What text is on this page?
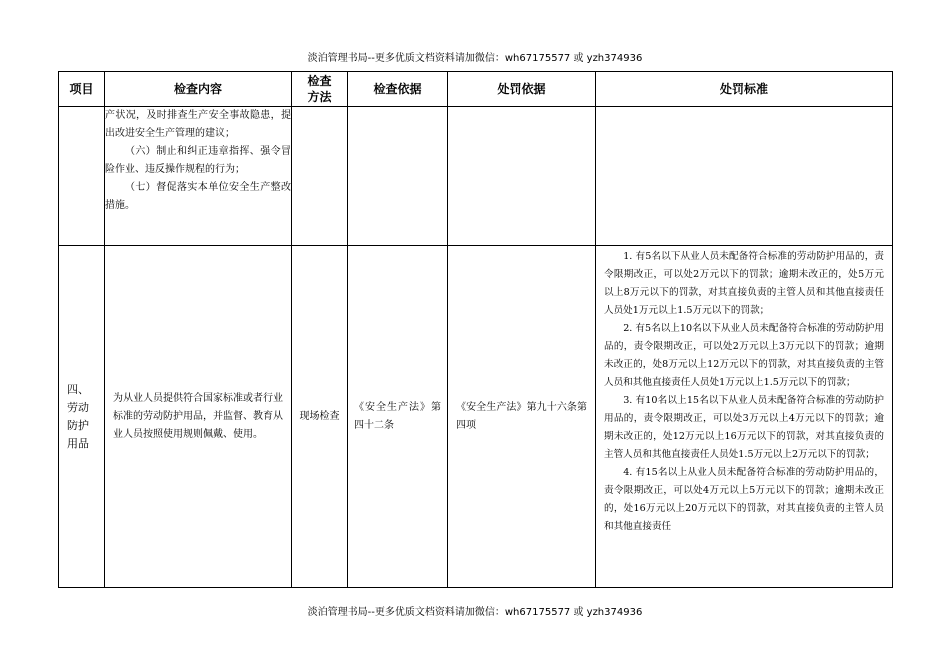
淡泊管理书局--更多优质文档资料请加微信：wh67175577 或 yzh374936
项目	检查内容	检查方法	检查依据	处罚依据	处罚标准

	产状况，及时排查生产安全事故隐患，提出改进安全生产管理的建议；
（六）制止和纠正违章指挥、强令冒险作业、违反操作规程的行为；
（七）督促落实本单位安全生产整改措施。				

四、劳动防护用品	为从业人员提供符合国家标准或者行业标准的劳动防护用品，并监督、教育从业人员按照使用规则佩戴、使用。	现场检查	《安全生产法》第四十二条	《安全生产法》第九十六条第四项	1. 有5名以下从业人员未配备符合标准的劳动防护用品的，责令限期改正，可以处2万元以下的罚款；逾期未改正的，处5万元以上8万元以下的罚款，对其直接负责的主管人员和其他直接责任人员处1万元以上1.5万元以下的罚款；

2. 有5名以上10名以下从业人员未配备符合标准的劳动防护用品的，责令限期改正，可以处2万元以上3万元以下的罚款；逾期未改正的，处8万元以上12万元以下的罚款，对其直接负责的主管人员和其他直接责任人员处1万元以上1.5万元以下的罚款；

3. 有10名以上15名以下从业人员未配备符合标准的劳动防护用品的，责令限期改正，可以处3万元以上4万元以下的罚款；逾期未改正的，处12万元以上16万元以下的罚款，对其直接负责的主管人员和其他直接责任人员处1.5万元以上2万元以下的罚款；

4. 有15名以上从业人员未配备符合标准的劳动防护用品的，责令限期改正，可以处4万元以上5万元以下的罚款；逾期未改正的，处16万元以上20万元以下的罚款，对其直接负责的主管人员和其他直接责任

淡泊管理书局--更多优质文档资料请加微信：wh67175577 或 yzh374936
